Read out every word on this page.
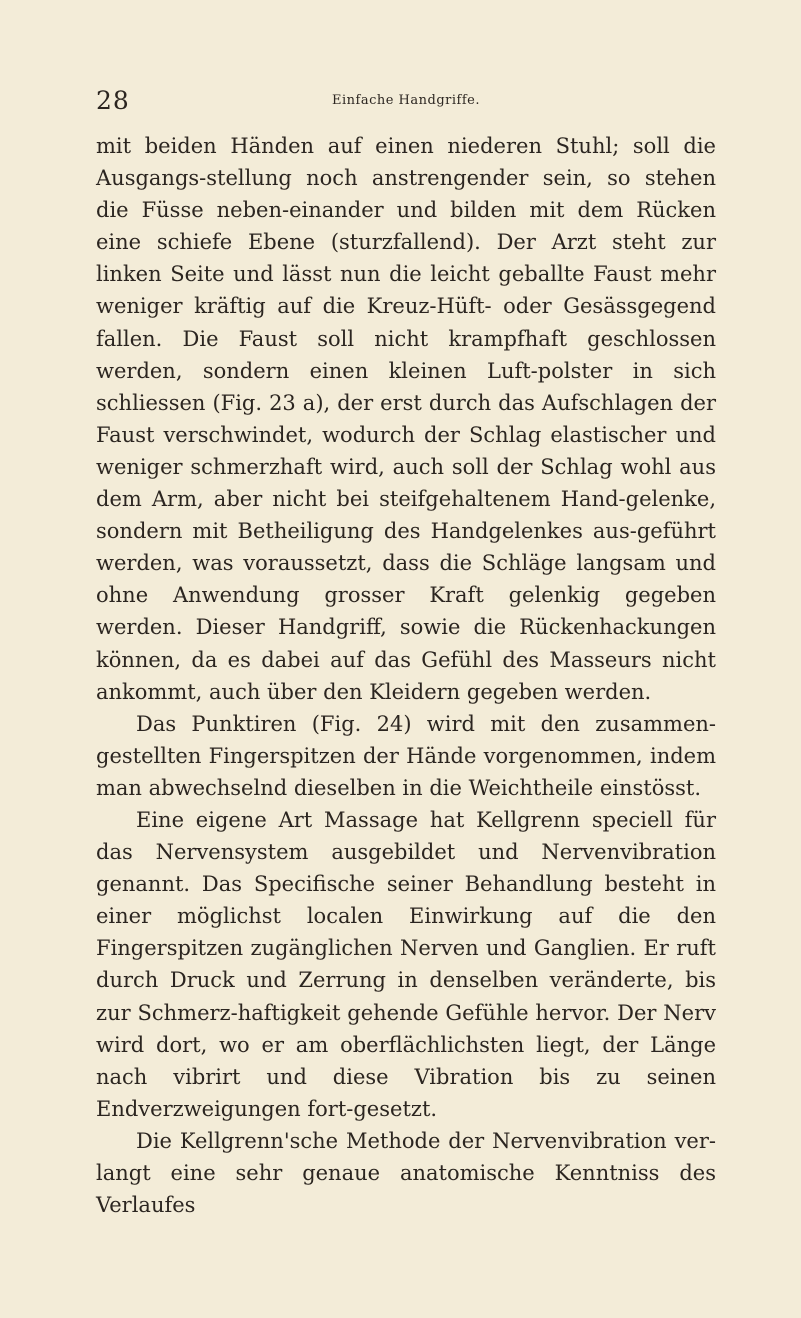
28	Einfache Handgriffe.

mit beiden Händen auf einen niederen Stuhl; soll die Ausgangs-stellung noch anstrengender sein, so stehen die Füsse neben-einander und bilden mit dem Rücken eine schiefe Ebene (sturzfallend). Der Arzt steht zur linken Seite und lässt nun die leicht geballte Faust mehr weniger kräftig auf die Kreuz-Hüft- oder Gesässgegend fallen. Die Faust soll nicht krampfhaft geschlossen werden, sondern einen kleinen Luft-polster in sich schliessen (Fig. 23 a), der erst durch das Aufschlagen der Faust verschwindet, wodurch der Schlag elastischer und weniger schmerzhaft wird, auch soll der Schlag wohl aus dem Arm, aber nicht bei steifgehaltenem Hand-gelenke, sondern mit Betheiligung des Handgelenkes aus-geführt werden, was voraussetzt, dass die Schläge langsam und ohne Anwendung grosser Kraft gelenkig gegeben werden. Dieser Handgriff, sowie die Rückenhackungen können, da es dabei auf das Gefühl des Masseurs nicht ankommt, auch über den Kleidern gegeben werden.

Das Punktiren (Fig. 24) wird mit den zusammen-gestellten Fingerspitzen der Hände vorgenommen, indem man abwechselnd dieselben in die Weichtheile einstösst.

Eine eigene Art Massage hat Kellgrenn speciell für das Nervensystem ausgebildet und Nervenvibration genannt. Das Specifische seiner Behandlung besteht in einer möglichst localen Einwirkung auf die den Fingerspitzen zugänglichen Nerven und Ganglien. Er ruft durch Druck und Zerrung in denselben veränderte, bis zur Schmerz-haftigkeit gehende Gefühle hervor. Der Nerv wird dort, wo er am oberflächlichsten liegt, der Länge nach vibrirt und diese Vibration bis zu seinen Endverzweigungen fort-gesetzt.

Die Kellgrenn'sche Methode der Nervenvibration ver-langt eine sehr genaue anatomische Kenntniss des Verlaufes
